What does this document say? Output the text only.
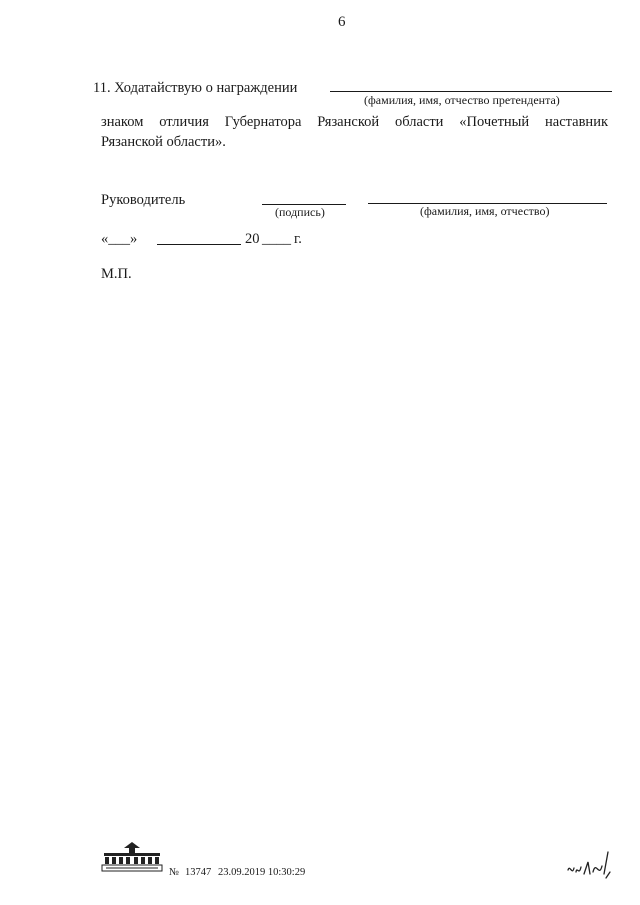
6
11. Ходатайствую о награждении
(фамилия, имя, отчество претендента)
знаком отличия Губернатора Рязанской области «Почетный наставник
Рязанской области».
Руководитель
(подпись)	(фамилия, имя, отчество)
«___»	20 ____ г.
М.П.
№ 13747 23.09.2019 10:30:29
